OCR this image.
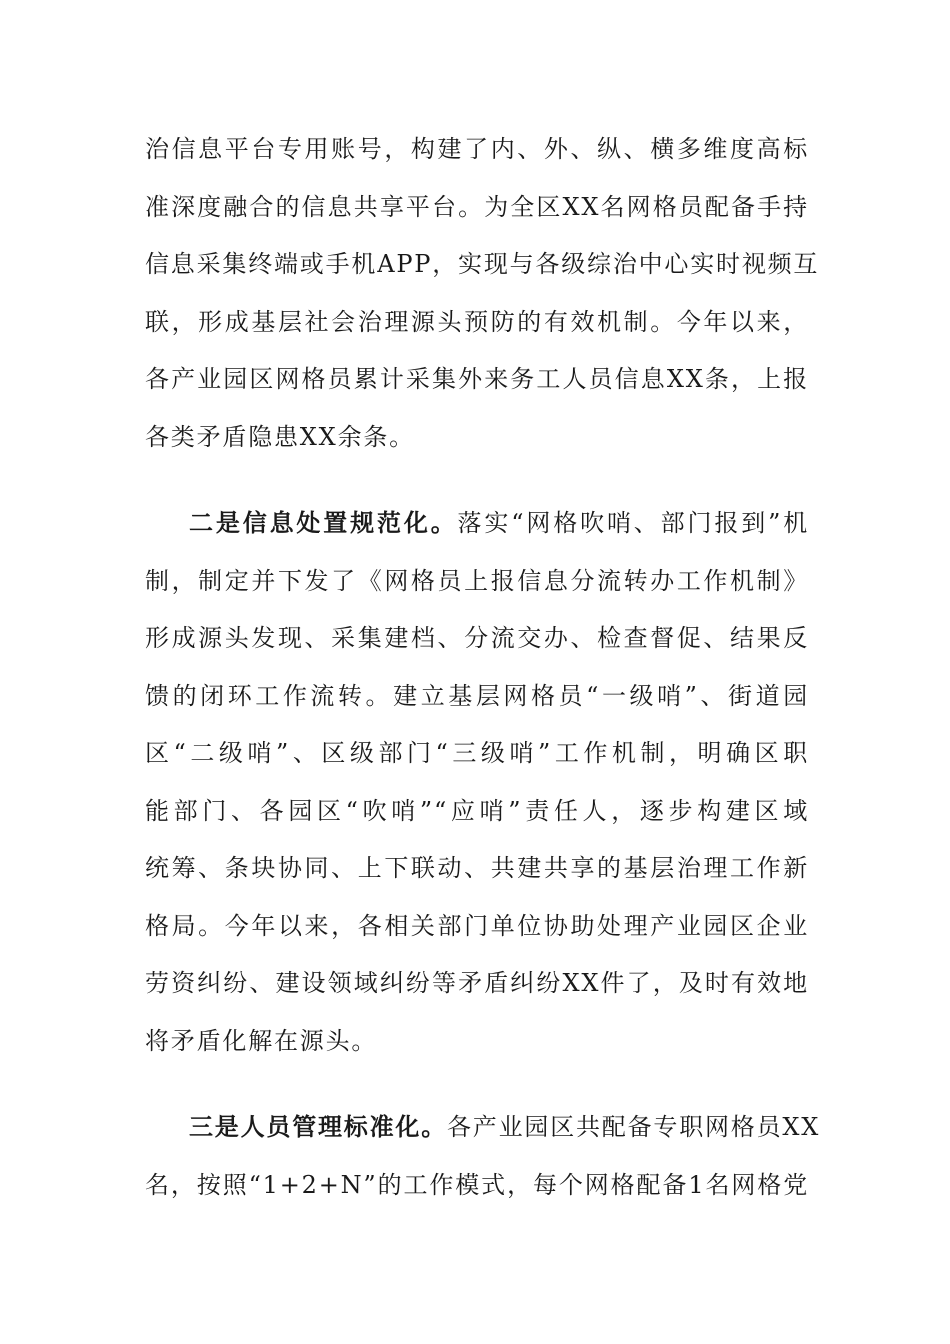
治信息平台专用账号，构建了内、外、纵、横多维度高标
准深度融合的信息共享平台。为全区XX名网格员配备手持
信息采集终端或手机APP，实现与各级综治中心实时视频互
联，形成基层社会治理源头预防的有效机制。今年以来，
各产业园区网格员累计采集外来务工人员信息XX条，上报
各类矛盾隐患XX余条。
二是信息处置规范化。落实“网格吹哨、部门报到”机
制，制定并下发了《网格员上报信息分流转办工作机制》
形成源头发现、采集建档、分流交办、检查督促、结果反
馈的闭环工作流转。建立基层网格员“一级哨”、街道园
区“二级哨”、区级部门“三级哨”工作机制，明确区职
能部门、各园区“吹哨”“应哨”责任人，逐步构建区域
统筹、条块协同、上下联动、共建共享的基层治理工作新
格局。今年以来，各相关部门单位协助处理产业园区企业
劳资纠纷、建设领域纠纷等矛盾纠纷XX件了，及时有效地
将矛盾化解在源头。
三是人员管理标准化。各产业园区共配备专职网格员XX
名，按照“1+2+N”的工作模式，每个网格配备1名网格党
